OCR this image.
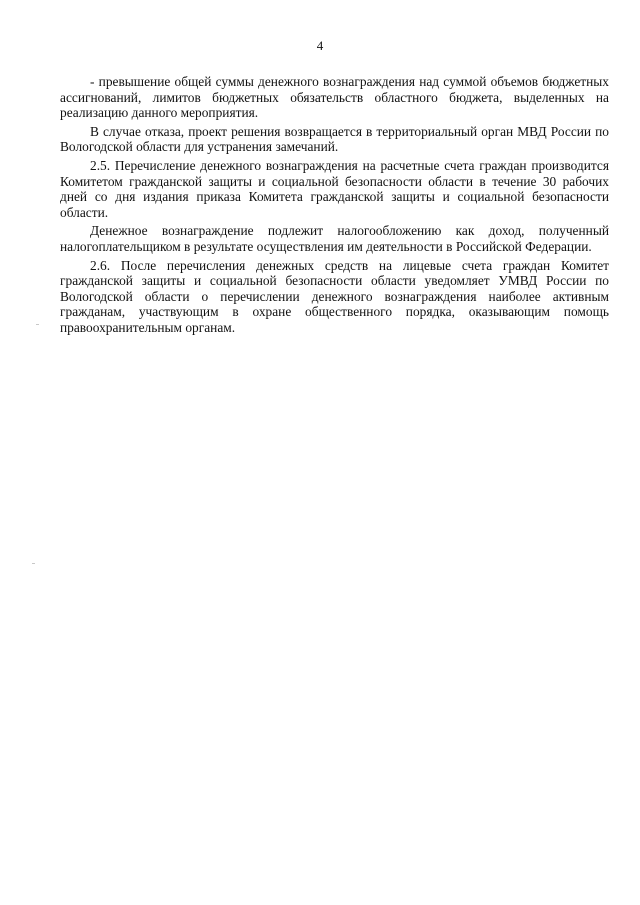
4

- превышение общей суммы денежного вознаграждения над суммой объемов бюджетных ассигнований, лимитов бюджетных обязательств областного бюджета, выделенных на реализацию данного мероприятия.

В случае отказа, проект решения возвращается в территориальный орган МВД России по Вологодской области для устранения замечаний.

2.5. Перечисление денежного вознаграждения на расчетные счета граждан производится Комитетом гражданской защиты и социальной безопасности области в течение 30 рабочих дней со дня издания приказа Комитета гражданской защиты и социальной безопасности области.

Денежное вознаграждение подлежит налогообложению как доход, полученный налогоплательщиком в результате осуществления им деятельности в Российской Федерации.

2.6. После перечисления денежных средств на лицевые счета граждан Комитет гражданской защиты и социальной безопасности области уведомляет УМВД России по Вологодской области о перечислении денежного вознаграждения наиболее активным гражданам, участвующим в охране общественного порядка, оказывающим помощь правоохранительным органам.
